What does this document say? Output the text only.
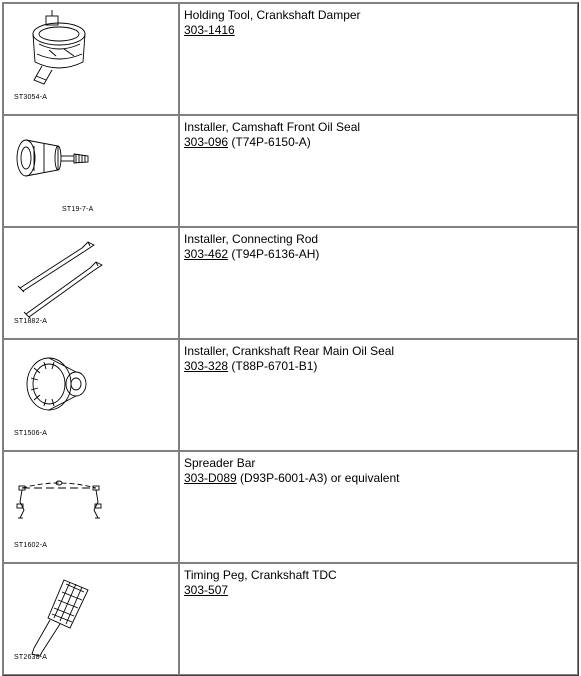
ST3054-A	Holding Tool, Crankshaft Damper
303-1416

ST19-7-A	Installer, Camshaft Front Oil Seal
303-096 (T74P-6150-A)

ST1882-A	Installer, Connecting Rod
303-462 (T94P-6136-AH)

ST1506-A	Installer, Crankshaft Rear Main Oil Seal
303-328 (T88P-6701-B1)

ST1602-A	Spreader Bar
303-D089 (D93P-6001-A3) or equivalent

ST2638-A	Timing Peg, Crankshaft TDC
303-507
